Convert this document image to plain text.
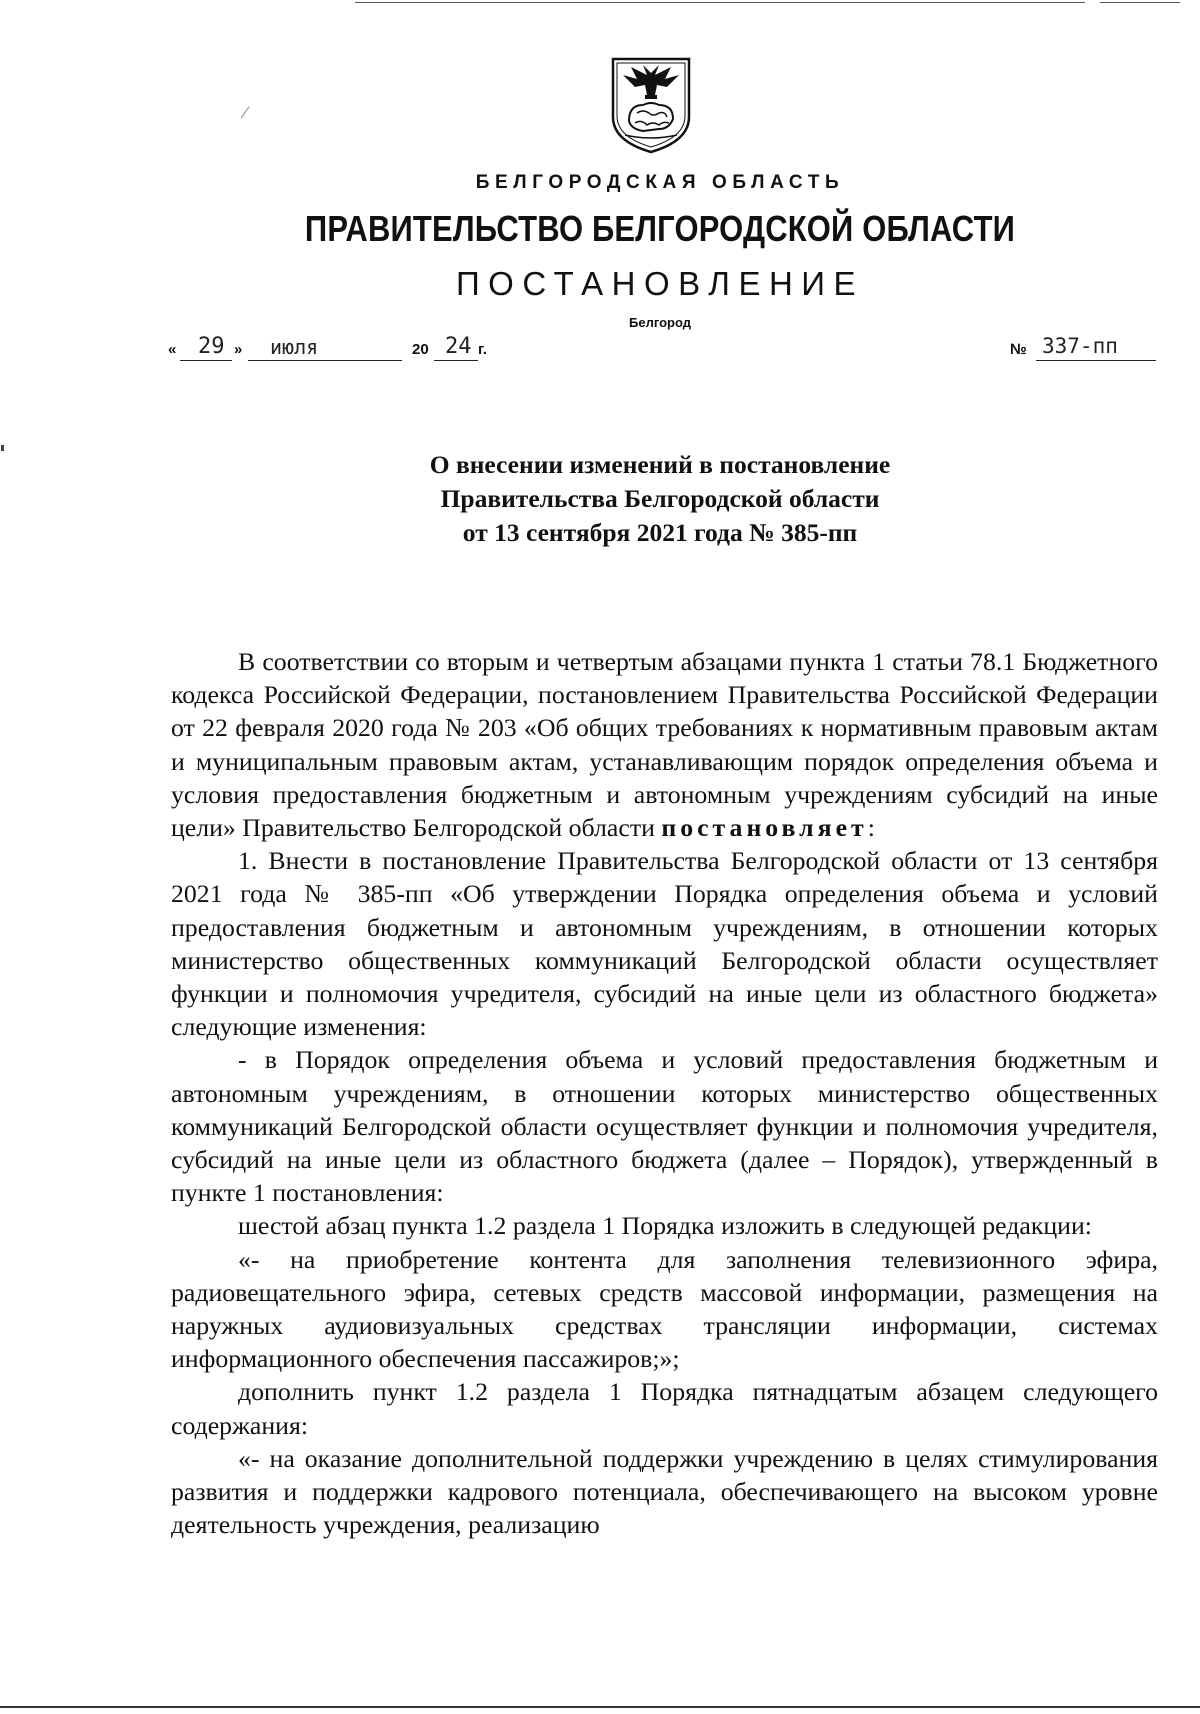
БЕЛГОРОДСКАЯ ОБЛАСТЬ
ПРАВИТЕЛЬСТВО БЕЛГОРОДСКОЙ ОБЛАСТИ
ПОСТАНОВЛЕНИЕ
Белгород
« 29 » июля	20 24 г.	№ 337-пп
О внесении изменений в постановление
Правительства Белгородской области
от 13 сентября 2021 года № 385-пп

В соответствии со вторым и четвертым абзацами пункта 1 статьи 78.1 Бюджетного кодекса Российской Федерации, постановлением Правительства Российской Федерации от 22 февраля 2020 года № 203 «Об общих требованиях к нормативным правовым актам и муниципальным правовым актам, устанавливающим порядок определения объема и условия предоставления бюджетным и автономным учреждениям субсидий на иные цели» Правительство Белгородской области постановляет:

1. Внести в постановление Правительства Белгородской области от 13 сентября 2021 года № 385-пп «Об утверждении Порядка определения объема и условий предоставления бюджетным и автономным учреждениям, в отношении которых министерство общественных коммуникаций Белгородской области осуществляет функции и полномочия учредителя, субсидий на иные цели из областного бюджета» следующие изменения:

- в Порядок определения объема и условий предоставления бюджетным и автономным учреждениям, в отношении которых министерство общественных коммуникаций Белгородской области осуществляет функции и полномочия учредителя, субсидий на иные цели из областного бюджета (далее – Порядок), утвержденный в пункте 1 постановления:

шестой абзац пункта 1.2 раздела 1 Порядка изложить в следующей редакции:

«- на приобретение контента для заполнения телевизионного эфира, радиовещательного эфира, сетевых средств массовой информации, размещения на наружных аудиовизуальных средствах трансляции информации, системах информационного обеспечения пассажиров;»;

дополнить пункт 1.2 раздела 1 Порядка пятнадцатым абзацем следующего содержания:

«- на оказание дополнительной поддержки учреждению в целях стимулирования развития и поддержки кадрового потенциала, обеспечивающего на высоком уровне деятельность учреждения, реализацию
